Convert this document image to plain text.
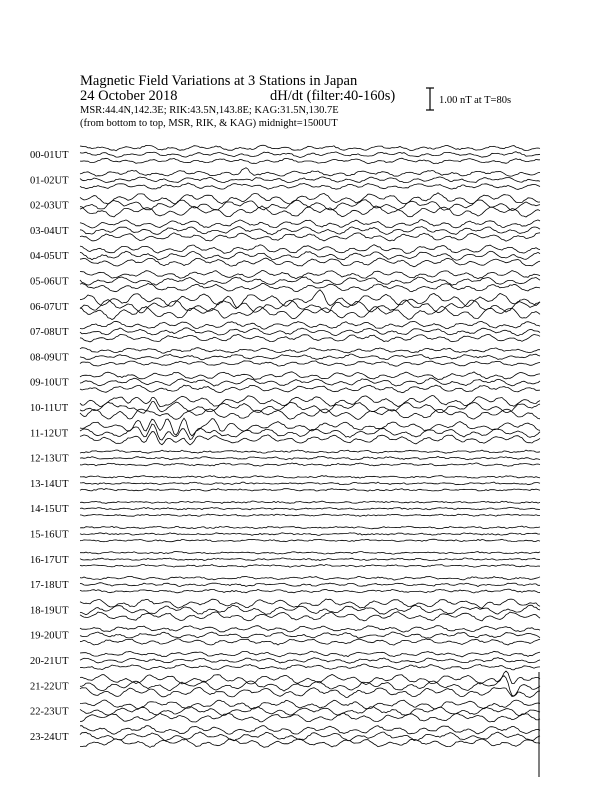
Magnetic Field Variations at 3 Stations in Japan
24 October 2018	dH/dt (filter:40-160s)
MSR:44.4N,142.3E; RIK:43.5N,143.8E; KAG:31.5N,130.7E
(from bottom to top, MSR, RIK, & KAG) midnight=1500UT
1.00 nT at T=80s
00-01UT
01-02UT
02-03UT
03-04UT
04-05UT
05-06UT
06-07UT
07-08UT
08-09UT
09-10UT
10-11UT
11-12UT
12-13UT
13-14UT
14-15UT
15-16UT
16-17UT
17-18UT
18-19UT
19-20UT
20-21UT
21-22UT
22-23UT
23-24UT
